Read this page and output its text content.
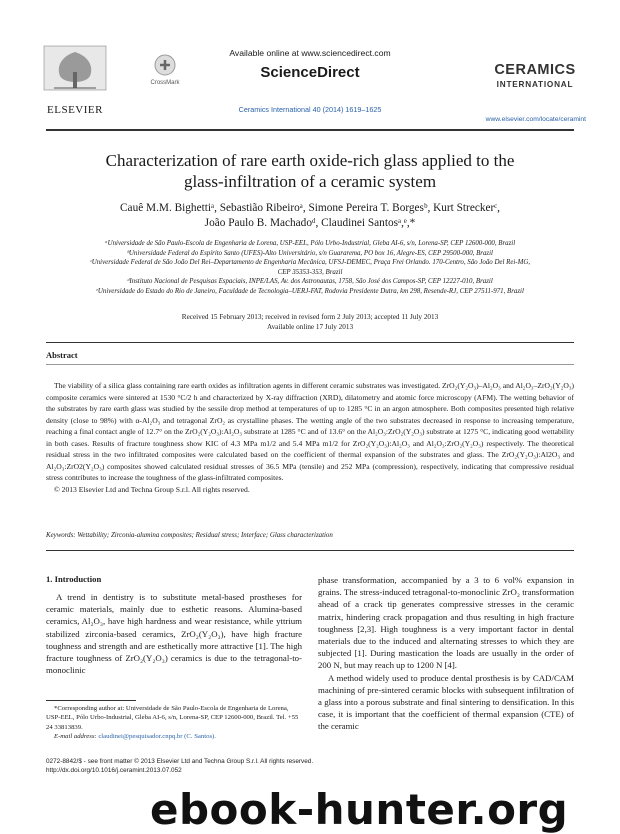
ELSEVIER
CrossMark
Available online at www.sciencedirect.com
ScienceDirect
Ceramics International 40 (2014) 1619–1625
CERAMICS
INTERNATIONAL
www.elsevier.com/locate/ceramint
Characterization of rare earth oxide-rich glass applied to the
glass-infiltration of a ceramic system
Cauê M.M. Bighettiᵃ, Sebastião Ribeiroᵃ, Simone Pereira T. Borgesᵇ, Kurt Streckerᶜ,
João Paulo B. Machadoᵈ, Claudinei Santosᵃ,ᵉ,*
ᵃUniversidade de São Paulo-Escola de Engenharia de Lorena, USP-EEL, Pólo Urbo-Industrial, Gleba AI-6, s/n, Lorena-SP, CEP 12600-000, Brazil
ᵇUniversidade Federal do Espírito Santo (UFES)-Alto Universitário, s/n Guararema, PO box 16, Alegre-ES, CEP 29500-000, Brazil
ᶜUniversidade Federal de São João Del Rei–Departamento de Engenharia Mecânica, UFSJ-DEMEC, Praça Frei Orlando. 170-Centro, São João Del Rei-MG,
CEP 35353-353, Brazil
ᵈInstituto Nacional de Pesquisas Espaciais, INPE/LAS, Av. dos Astronautas, 1758, São José dos Campos-SP, CEP 12227-010, Brazil
ᵉUniversidade do Estado do Rio de Janeiro, Faculdade de Tecnologia–UERJ-FAT, Rodovia Presidente Dutra, km 298, Resende-RJ, CEP 27511-971, Brazil
Received 15 February 2013; received in revised form 2 July 2013; accepted 11 July 2013
Available online 17 July 2013
Abstract

The viability of a silica glass containing rare earth oxides as infiltration agents in different ceramic substrates was investigated. ZrO₂(Y₂O₃)–Al₂O₃ and Al₂O₃–ZrO₂(Y₂O₃) composite ceramics were sintered at 1530 °C/2 h and characterized by X-ray diffraction (XRD), dilatometry and atomic force microscopy (AFM). The wetting behavior of the substrates by rare earth glass was studied by the sessile drop method at temperatures of up to 1285 °C in an argon atmosphere. Both composites presented high relative density (close to 98%) with α-Al₂O₃ and tetragonal ZrO₂ as crystalline phases. The wetting angle of the two substrates decreased in response to increasing temperature, reaching a final contact angle of 12.7° on the ZrO₂(Y₂O₃):Al₂O₃ substrate at 1285 °C and of 13.6° on the Al₂O₃:ZrO₂(Y₂O₃) substrate at 1275 °C, indicating good wettability in both cases. Results of fracture toughness show KIC of 4.3 MPa m1/2 and 5.4 MPa m1/2 for ZrO₂(Y₂O₃):Al₂O₃ and Al₂O₃:ZrO₂(Y₂O₃) respectively. The theoretical residual stress in the two infiltrated composites were calculated based on the coefficient of thermal expansion of the substrates and glass. The ZrO₂(Y₂O₃):Al2O₃ and Al₂O₃:ZrO2(Y₂O₃) composites showed calculated residual stresses of 36.5 MPa (tensile) and 252 MPa (compression), respectively, indicating that compressive residual stress contributes to increase the toughness of the glass-infiltrated composites.

© 2013 Elsevier Ltd and Techna Group S.r.l. All rights reserved.

Keywords: Wettability; Zirconia-alumina composites; Residual stress; Interface; Glass characterization
1. Introduction

A trend in dentistry is to substitute metal-based prostheses for ceramic materials, mainly due to esthetic reasons. Alumina-based ceramics, Al₂O₃, have high hardness and wear resistance, while yttrium stabilized zirconia-based ceramics, ZrO₂(Y₂O₃), have high fracture toughness and strength and are esthetically more attractive [1]. The high fracture toughness of ZrO₂(Y₂O₃) ceramics is due to the tetragonal-to-monoclinic

phase transformation, accompanied by a 3 to 6 vol% expansion in grains. The stress-induced tetragonal-to-monoclinic ZrO₂ transformation ahead of a crack tip generates compressive stresses in the ceramic matrix, hindering crack propagation and thus resulting in high fracture toughness [2,3]. High toughness is a very important factor in dental materials due to the induced and alternating stresses to which they are subjected [1]. During mastication the loads are usually in the order of 200 N, but may reach up to 1200 N [4].

A method widely used to produce dental prosthesis is by CAD/CAM machining of pre-sintered ceramic blocks with subsequent infiltration of a glass into a porous substrate and final sintering to densification. In this case, it is important that the coefficient of thermal expansion (CTE) of the ceramic

*Corresponding author at: Universidade de São Paulo-Escola de Engenharia de Lorena, USP-EEL, Pólo Urbo-Industrial, Gleba AI-6, s/n, Lorena-SP, CEP 12600-000, Brazil. Tel. +55 24 33813839.
E-mail address: claudinei@pesquisador.cnpq.br (C. Santos).
0272-8842/$ - see front matter © 2013 Elsevier Ltd and Techna Group S.r.l. All rights reserved.
http://dx.doi.org/10.1016/j.ceramint.2013.07.052
ebook-hunter.org
